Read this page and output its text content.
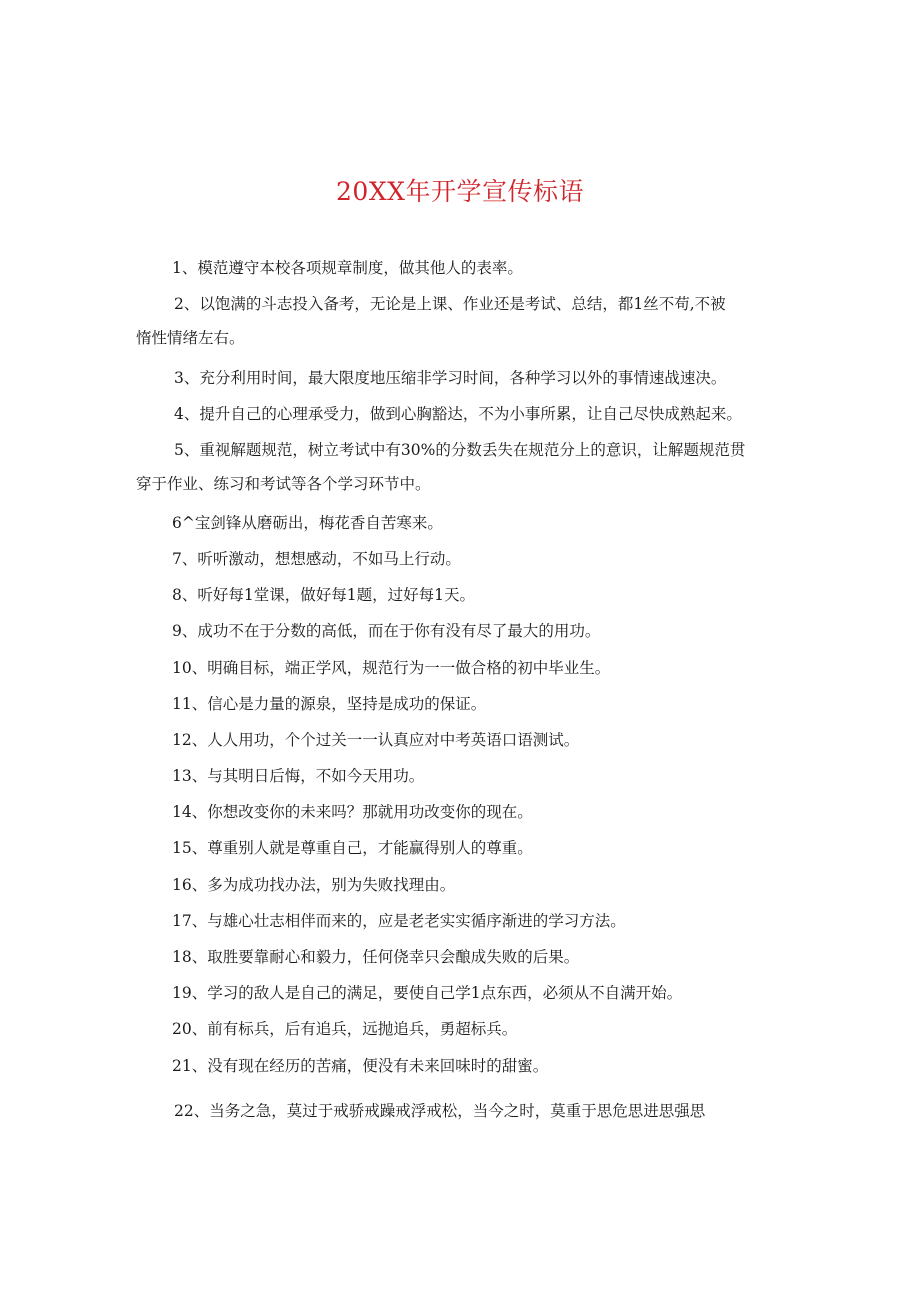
20XX年开学宣传标语
1、模范遵守本校各项规章制度，做其他人的表率。
2、以饱满的斗志投入备考，无论是上课、作业还是考试、总结，都1丝不苟,不被
惰性情绪左右。
3、充分利用时间，最大限度地压缩非学习时间，各种学习以外的事情速战速决。
4、提升自己的心理承受力，做到心胸豁达，不为小事所累，让自己尽快成熟起来。
5、重视解题规范，树立考试中有30%的分数丢失在规范分上的意识，让解题规范贯
穿于作业、练习和考试等各个学习环节中。
6^宝剑锋从磨砺出，梅花香自苦寒来。
7、听听激动，想想感动，不如马上行动。
8、听好每1堂课，做好每1题，过好每1天。
9、成功不在于分数的高低，而在于你有没有尽了最大的用功。
10、明确目标，端正学风，规范行为一一做合格的初中毕业生。
11、信心是力量的源泉，坚持是成功的保证。
12、人人用功，个个过关一一认真应对中考英语口语测试。
13、与其明日后悔，不如今天用功。
14、你想改变你的未来吗？那就用功改变你的现在。
15、尊重别人就是尊重自己，才能赢得别人的尊重。
16、多为成功找办法，别为失败找理由。
17、与雄心壮志相伴而来的，应是老老实实循序渐进的学习方法。
18、取胜要靠耐心和毅力，任何侥幸只会酿成失败的后果。
19、学习的敌人是自己的满足，要使自己学1点东西，必须从不自满开始。
20、前有标兵，后有追兵，远抛追兵，勇超标兵。
21、没有现在经历的苦痛，便没有未来回味时的甜蜜。
22、当务之急，莫过于戒骄戒躁戒浮戒松，当今之时，莫重于思危思进思强思
